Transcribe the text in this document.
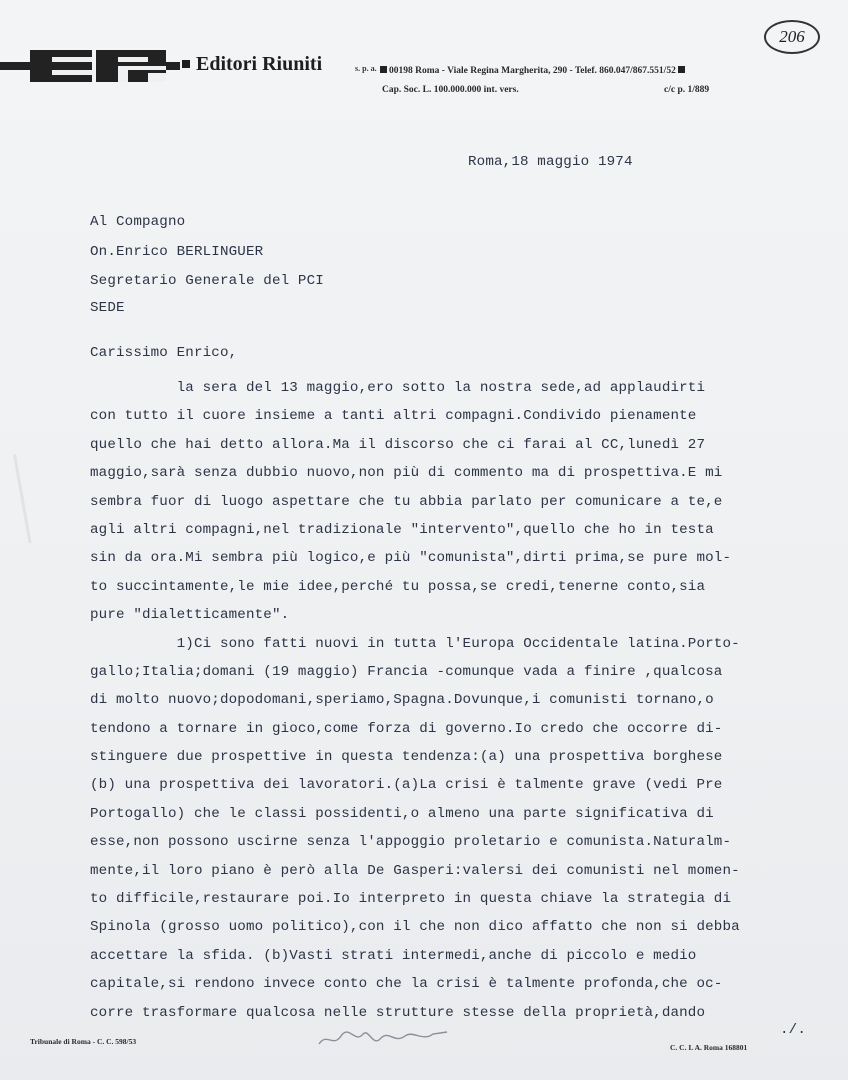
206
Editori Riuniti	s. p. a.	00198 Roma - Viale Regina Margherita, 290 - Telef. 860.047/867.551/52
Cap. Soc. L. 100.000.000 int. vers.	c/c p. 1/889
Roma,18 maggio 1974
Al Compagno
On.Enrico BERLINGUER
Segretario Generale del PCI
SEDE
Carissimo Enrico,
la sera del 13 maggio,ero sotto la nostra sede,ad applaudirti
con tutto il cuore insieme a tanti altri compagni.Condivido pienamente
quello che hai detto allora.Ma il discorso che ci farai al CC,lunedì 27
maggio,sarà senza dubbio nuovo,non più di commento ma di prospettiva.E mi
sembra fuor di luogo aspettare che tu abbia parlato per comunicare a te,e
agli altri compagni,nel tradizionale "intervento",quello che ho in testa
sin da ora.Mi sembra più logico,e più "comunista",dirti prima,se pure mol-
to succintamente,le mie idee,perché tu possa,se credi,tenerne conto,sia
pure "dialetticamente".
1)Ci sono fatti nuovi in tutta l'Europa Occidentale latina.Porto-
gallo;Italia;domani (19 maggio) Francia -comunque vada a finire ,qualcosa
di molto nuovo;dopodomani,speriamo,Spagna.Dovunque,i comunisti tornano,o
tendono a tornare in gioco,come forza di governo.Io credo che occorre di-
stinguere due prospettive in questa tendenza:(a) una prospettiva borghese
(b) una prospettiva dei lavoratori.(a)La crisi è talmente grave (vedi Pre
Portogallo) che le classi possidenti,o almeno una parte significativa di
esse,non possono uscirne senza l'appoggio proletario e comunista.Naturalm-
mente,il loro piano è però alla De Gasperi:valersi dei comunisti nel momen-
to difficile,restaurare poi.Io interpreto in questa chiave la strategia di
Spinola (grosso uomo politico),con il che non dico affatto che non si debba
accettare la sfida. (b)Vasti strati intermedi,anche di piccolo e medio
capitale,si rendono invece conto che la crisi è talmente profonda,che oc-
corre trasformare qualcosa nelle strutture stesse della proprietà,dando
./.
Tribunale di Roma - C. C. 598/53
C. C. I. A. Roma 168801
